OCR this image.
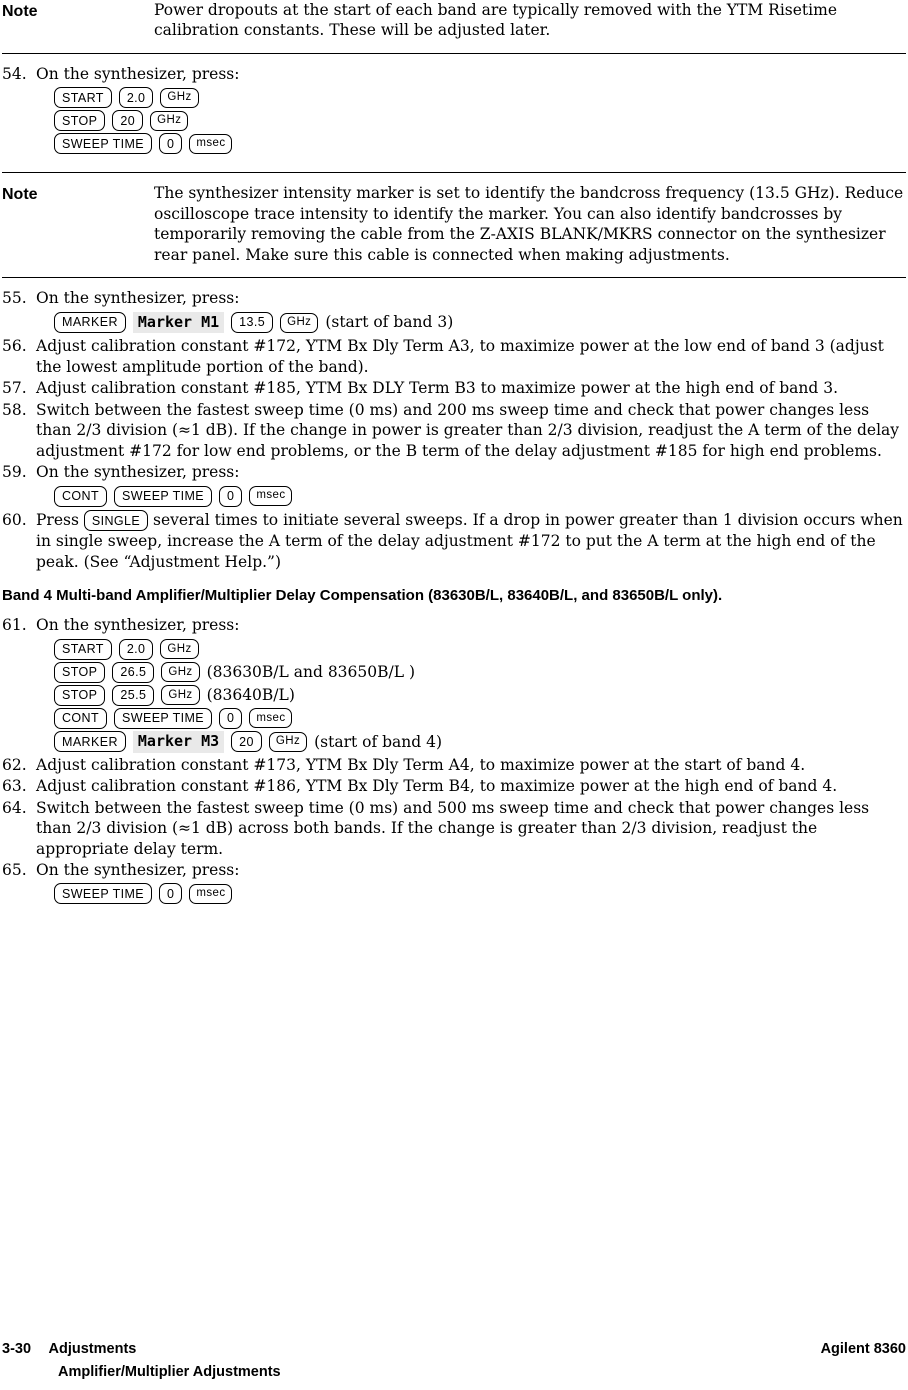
Note	Power dropouts at the start of each band are typically removed with the YTM Risetime calibration constants. These will be adjusted later.

54. On the synthesizer, press:

START	2.0	GHz
STOP	20	GHz
SWEEP TIME	0	msec
Note	The synthesizer intensity marker is set to identify the bandcross frequency (13.5 GHz). Reduce oscilloscope trace intensity to identify the marker. You can also identify bandcrosses by temporarily removing the cable from the Z-AXIS BLANK/MKRS connector on the synthesizer rear panel. Make sure this cable is connected when making adjustments.

55. On the synthesizer, press:

MARKER	Marker M1	13.5	GHz (start of band 3)
56. Adjust calibration constant #172, YTM Bx Dly Term A3, to maximize power at the low end of band 3 (adjust the lowest amplitude portion of the band).

57. Adjust calibration constant #185, YTM Bx DLY Term B3 to maximize power at the high end of band 3.

58. Switch between the fastest sweep time (0 ms) and 200 ms sweep time and check that power changes less than 2/3 division (≈1 dB). If the change in power is greater than 2/3 division, readjust the A term of the delay adjustment #172 for low end problems, or the B term of the delay adjustment #185 for high end problems.

59. On the synthesizer, press:

CONT	SWEEP TIME	0	msec
60. Press SINGLE several times to initiate several sweeps. If a drop in power greater than 1 division occurs when in single sweep, increase the A term of the delay adjustment #172 to put the A term at the high end of the peak. (See “Adjustment Help.”)

Band 4 Multi-band Amplifier/Multiplier Delay Compensation (83630B/L, 83640B/L, and 83650B/L only).
61. On the synthesizer, press:

START	2.0	GHz
STOP	26.5	GHz (83630B/L and 83650B/L )
STOP	25.5	GHz (83640B/L)
CONT	SWEEP TIME	0	msec
MARKER	Marker M3	20	GHz (start of band 4)
62. Adjust calibration constant #173, YTM Bx Dly Term A4, to maximize power at the start of band 4.

63. Adjust calibration constant #186, YTM Bx Dly Term B4, to maximize power at the high end of band 4.

64. Switch between the fastest sweep time (0 ms) and 500 ms sweep time and check that power changes less than 2/3 division (≈1 dB) across both bands. If the change is greater than 2/3 division, readjust the appropriate delay term.

65. On the synthesizer, press:

SWEEP TIME	0	msec
3-30 Adjustments	Agilent 8360
Amplifier/Multiplier Adjustments
